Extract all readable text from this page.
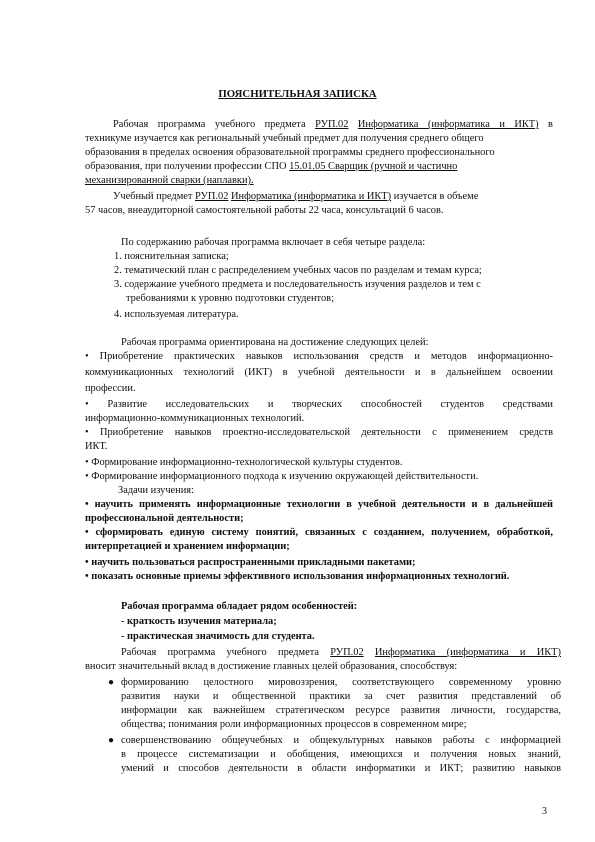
ПОЯСНИТЕЛЬНАЯ ЗАПИСКА
Рабочая программа учебного предмета РУП.02 Информатика (информатика и ИКТ) в
техникуме изучается как региональный учебный предмет для получения среднего общего
образования в пределах освоения образовательной программы среднего профессионального
образования, при получении профессии СПО 15.01.05 Сварщик (ручной и частично
механизированной сварки (наплавки).
Учебный предмет РУП.02 Информатика (информатика и ИКТ) изучается в объеме
57 часов, внеаудиторной самостоятельной работы 22 часа, консультаций 6 часов.
По содержанию рабочая программа включает в себя четыре раздела:
1. пояснительная записка;
2. тематический план с распределением учебных часов по разделам и темам курса;
3. содержание учебного предмета и последовательность изучения разделов и тем с
требованиями к уровню подготовки студентов;
4. используемая литература.
Рабочая программа ориентирована на достижение следующих целей:
• Приобретение практических навыков использования средств и методов информационно-
коммуникационных технологий (ИКТ) в учебной деятельности и в дальнейшем освоении
профессии.
• Развитие исследовательских и творческих способностей студентов средствами
информационно-коммуникационных технологий.
• Приобретение навыков проектно-исследовательской деятельности с применением средств
ИКТ.
• Формирование информационно-технологической культуры студентов.
• Формирование информационного подхода к изучению окружающей действительности.
Задачи изучения:
• научить применять информационные технологии в учебной деятельности и в дальнейшей
профессиональной деятельности;
• сформировать единую систему понятий, связанных с созданием, получением, обработкой,
интерпретацией и хранением информации;
• научить пользоваться распространенными прикладными пакетами;
• показать основные приемы эффективного использования информационных технологий.
Рабочая программа обладает рядом особенностей:
- краткость изучения материала;
- практическая значимость для студента.
Рабочая программа учебного предмета РУП.02 Информатика (информатика и ИКТ)
вносит значительный вклад в достижение главных целей образования, способствуя:
● формированию целостного мировоззрения, соответствующего современному уровню
развития науки и общественной практики за счет развития представлений об
информации как важнейшем стратегическом ресурсе развития личности, государства,
общества; понимания роли информационных процессов в современном мире;
● совершенствованию общеучебных и общекультурных навыков работы с информацией
в процессе систематизации и обобщения, имеющихся и получения новых знаний,
умений и способов деятельности в области информатики и ИКТ; развитию навыков
3
